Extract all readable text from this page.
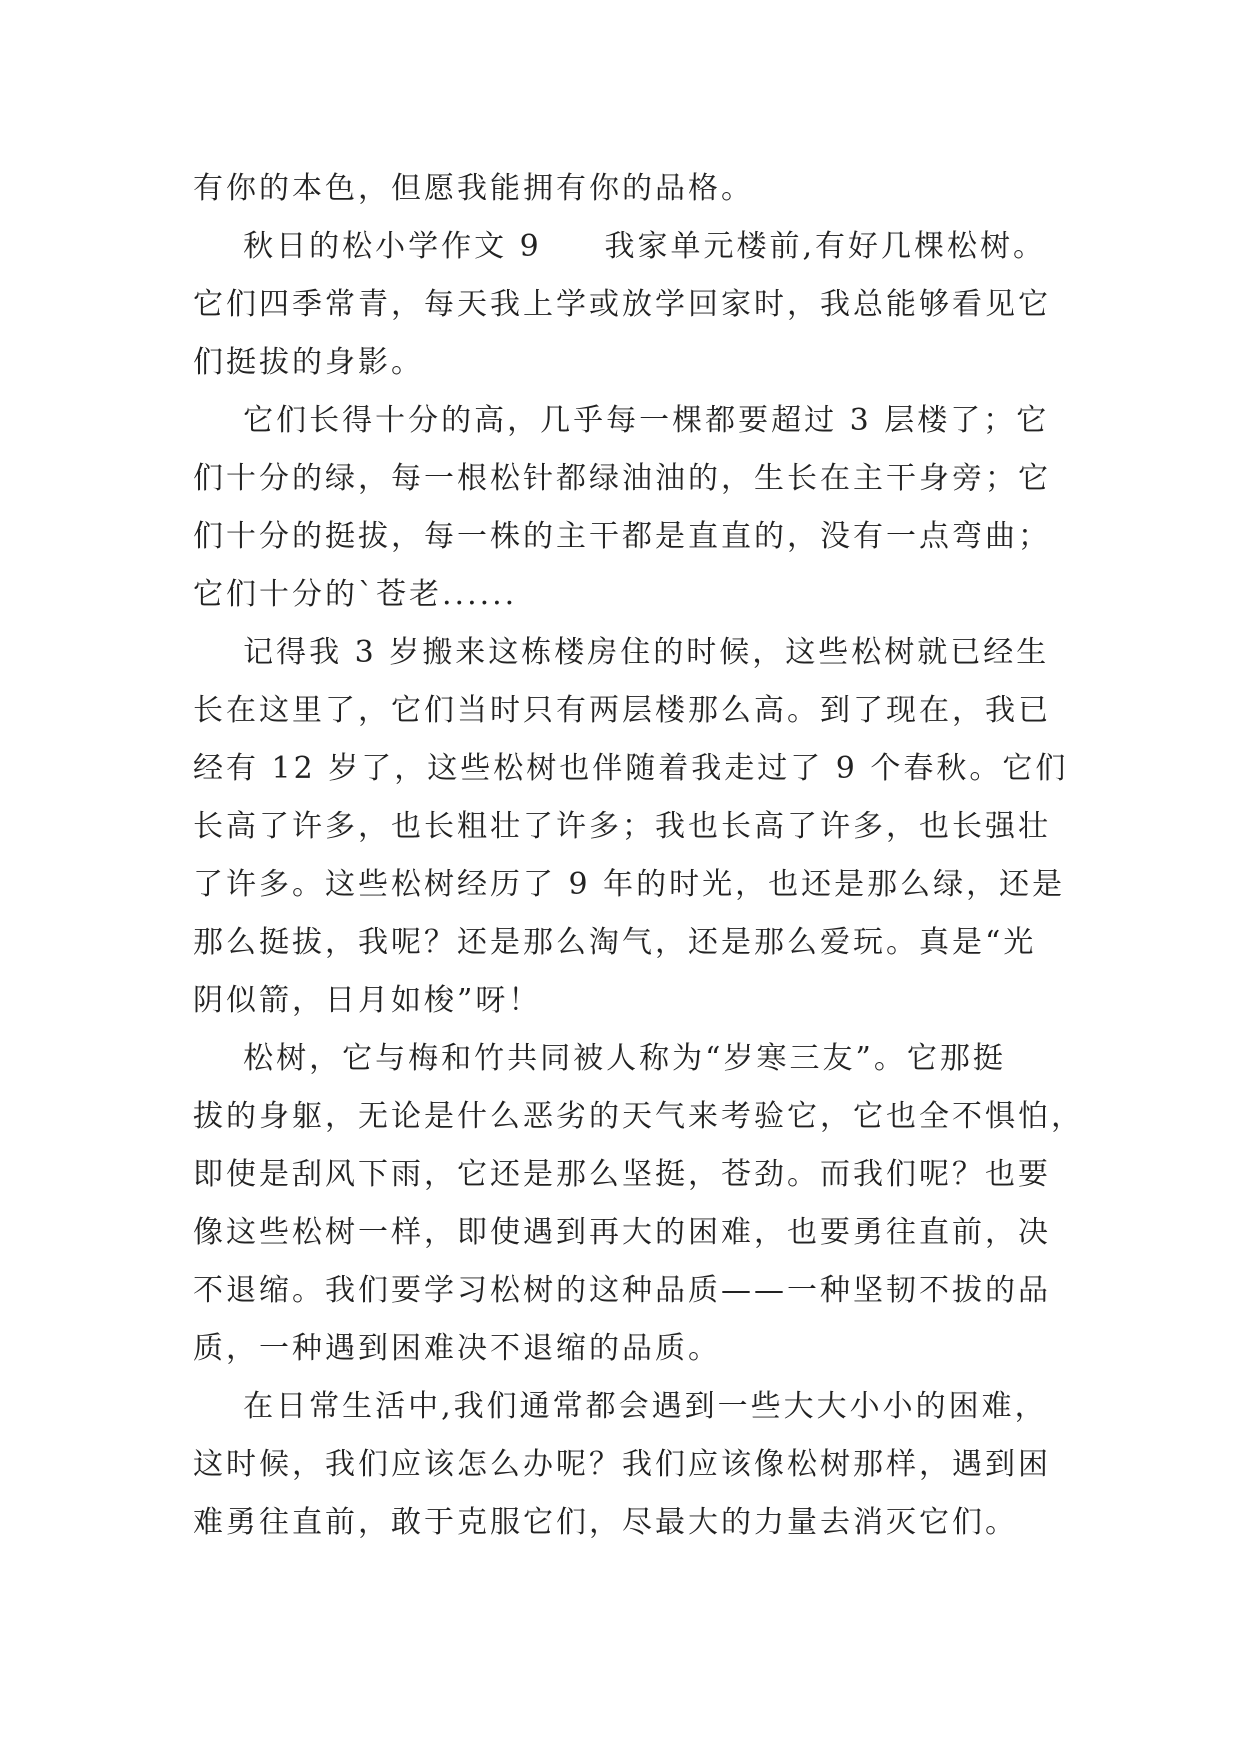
有你的本色，但愿我能拥有你的品格。
秋日的松小学作文 9     我家单元楼前,有好几棵松树。
它们四季常青，每天我上学或放学回家时，我总能够看见它
们挺拔的身影。
它们长得十分的高，几乎每一棵都要超过 3 层楼了；它
们十分的绿，每一根松针都绿油油的，生长在主干身旁；它
们十分的挺拔，每一株的主干都是直直的，没有一点弯曲；
它们十分的`苍老......
记得我 3 岁搬来这栋楼房住的时候，这些松树就已经生
长在这里了，它们当时只有两层楼那么高。到了现在，我已
经有 12 岁了，这些松树也伴随着我走过了 9 个春秋。它们
长高了许多，也长粗壮了许多；我也长高了许多，也长强壮
了许多。这些松树经历了 9 年的时光，也还是那么绿，还是
那么挺拔，我呢？还是那么淘气，还是那么爱玩。真是“光
阴似箭，日月如梭”呀！
松树，它与梅和竹共同被人称为“岁寒三友”。它那挺
拔的身躯，无论是什么恶劣的天气来考验它，它也全不惧怕，
即使是刮风下雨，它还是那么坚挺，苍劲。而我们呢？也要
像这些松树一样，即使遇到再大的困难，也要勇往直前，决
不退缩。我们要学习松树的这种品质——一种坚韧不拔的品
质，一种遇到困难决不退缩的品质。
在日常生活中,我们通常都会遇到一些大大小小的困难，
这时候，我们应该怎么办呢？我们应该像松树那样，遇到困
难勇往直前，敢于克服它们，尽最大的力量去消灭它们。
